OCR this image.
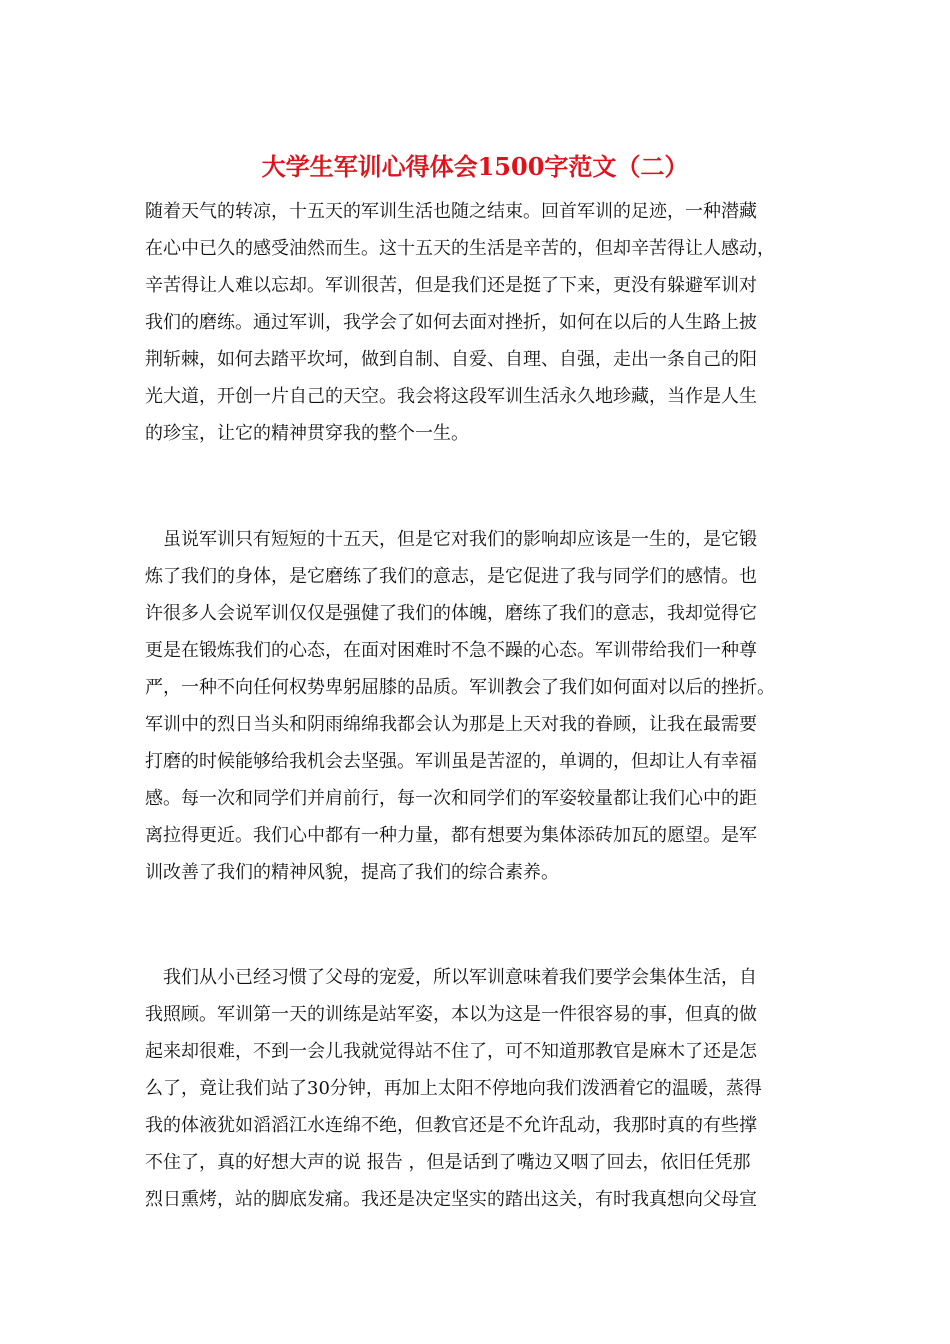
大学生军训心得体会1500字范文（二）
随着天气的转凉，十五天的军训生活也随之结束。回首军训的足迹，一种潜藏
在心中已久的感受油然而生。这十五天的生活是辛苦的，但却辛苦得让人感动，
辛苦得让人难以忘却。军训很苦，但是我们还是挺了下来，更没有躲避军训对
我们的磨练。通过军训，我学会了如何去面对挫折，如何在以后的人生路上披
荆斩棘，如何去踏平坎坷，做到自制、自爱、自理、自强，走出一条自己的阳
光大道，开创一片自己的天空。我会将这段军训生活永久地珍藏，当作是人生
的珍宝，让它的精神贯穿我的整个一生。
　虽说军训只有短短的十五天，但是它对我们的影响却应该是一生的，是它锻
炼了我们的身体，是它磨练了我们的意志，是它促进了我与同学们的感情。也
许很多人会说军训仅仅是强健了我们的体魄，磨练了我们的意志，我却觉得它
更是在锻炼我们的心态，在面对困难时不急不躁的心态。军训带给我们一种尊
严，一种不向任何权势卑躬屈膝的品质。军训教会了我们如何面对以后的挫折。
军训中的烈日当头和阴雨绵绵我都会认为那是上天对我的眷顾，让我在最需要
打磨的时候能够给我机会去坚强。军训虽是苦涩的，单调的，但却让人有幸福
感。每一次和同学们并肩前行，每一次和同学们的军姿较量都让我们心中的距
离拉得更近。我们心中都有一种力量，都有想要为集体添砖加瓦的愿望。是军
训改善了我们的精神风貌，提高了我们的综合素养。
　我们从小已经习惯了父母的宠爱，所以军训意味着我们要学会集体生活，自
我照顾。军训第一天的训练是站军姿，本以为这是一件很容易的事，但真的做
起来却很难，不到一会儿我就觉得站不住了，可不知道那教官是麻木了还是怎
么了，竟让我们站了30分钟，再加上太阳不停地向我们泼洒着它的温暖，蒸得
我的体液犹如滔滔江水连绵不绝，但教官还是不允许乱动，我那时真的有些撑
不住了，真的好想大声的说 报告 ，但是话到了嘴边又咽了回去，依旧任凭那
烈日熏烤，站的脚底发痛。我还是决定坚实的踏出这关，有时我真想向父母宣
